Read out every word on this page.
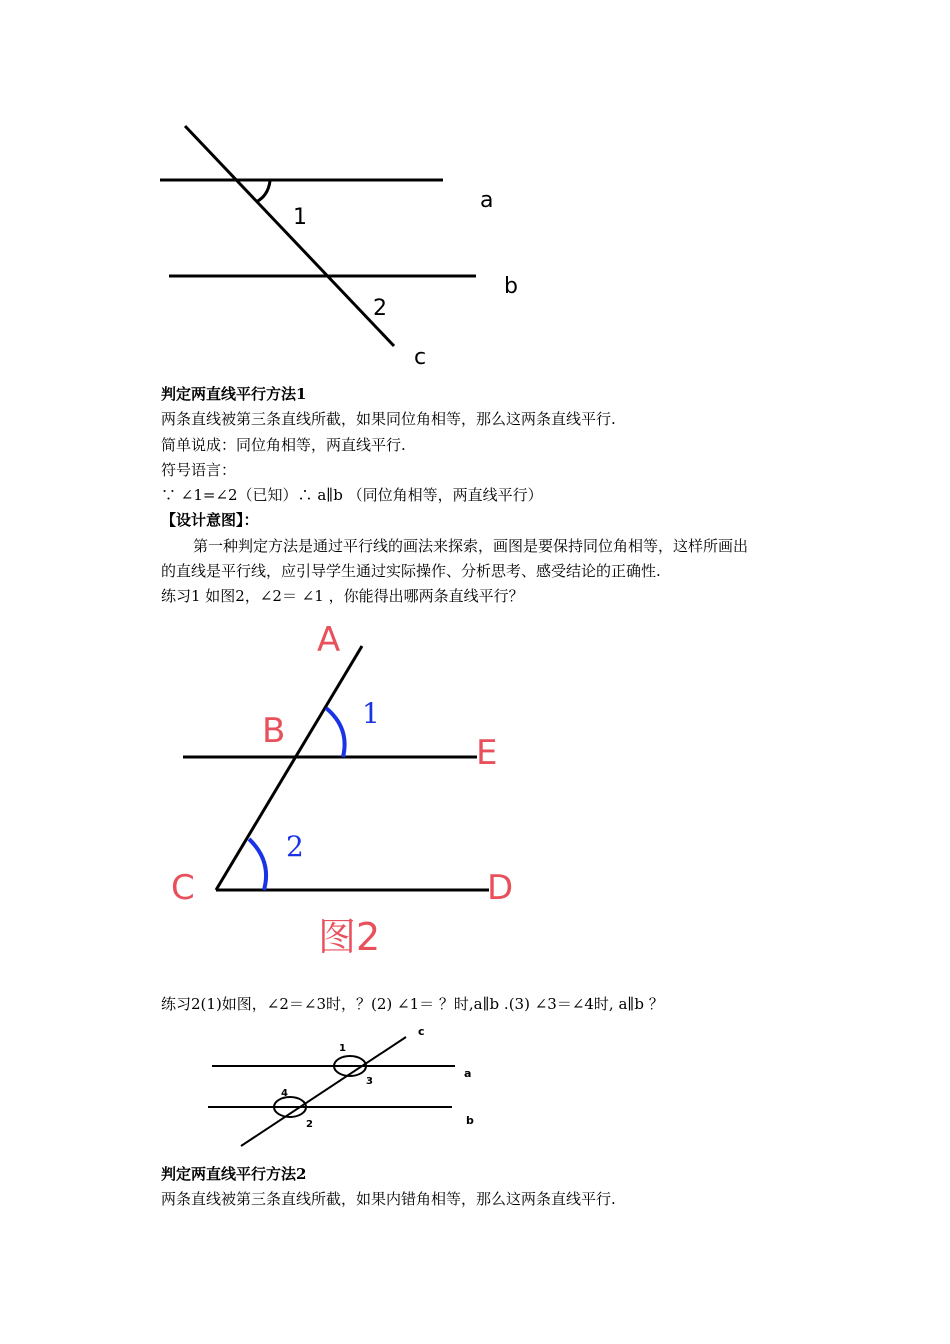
a
b
c
1
2
判定两直线平行方法1
两条直线被第三条直线所截，如果同位角相等，那么这两条直线平行.
简单说成：同位角相等，两直线平行.
符号语言：
∵ ∠1=∠2（已知）∴ a∥b （同位角相等，两直线平行）
【设计意图】：
第一种判定方法是通过平行线的画法来探索，画图是要保持同位角相等，这样所画出
的直线是平行线，应引导学生通过实际操作、分析思考、感受结论的正确性.
练习1 如图2，∠2＝ ∠1 ，你能得出哪两条直线平行？
A
B
E
C	D
1
2
图2
练习2(1)如图，∠2＝∠3时，？(2) ∠1＝ ？时,a∥b .(3) ∠3＝∠4时, a∥b ？
1
3
4
2
c
a
b
判定两直线平行方法2
两条直线被第三条直线所截，如果内错角相等，那么这两条直线平行.
